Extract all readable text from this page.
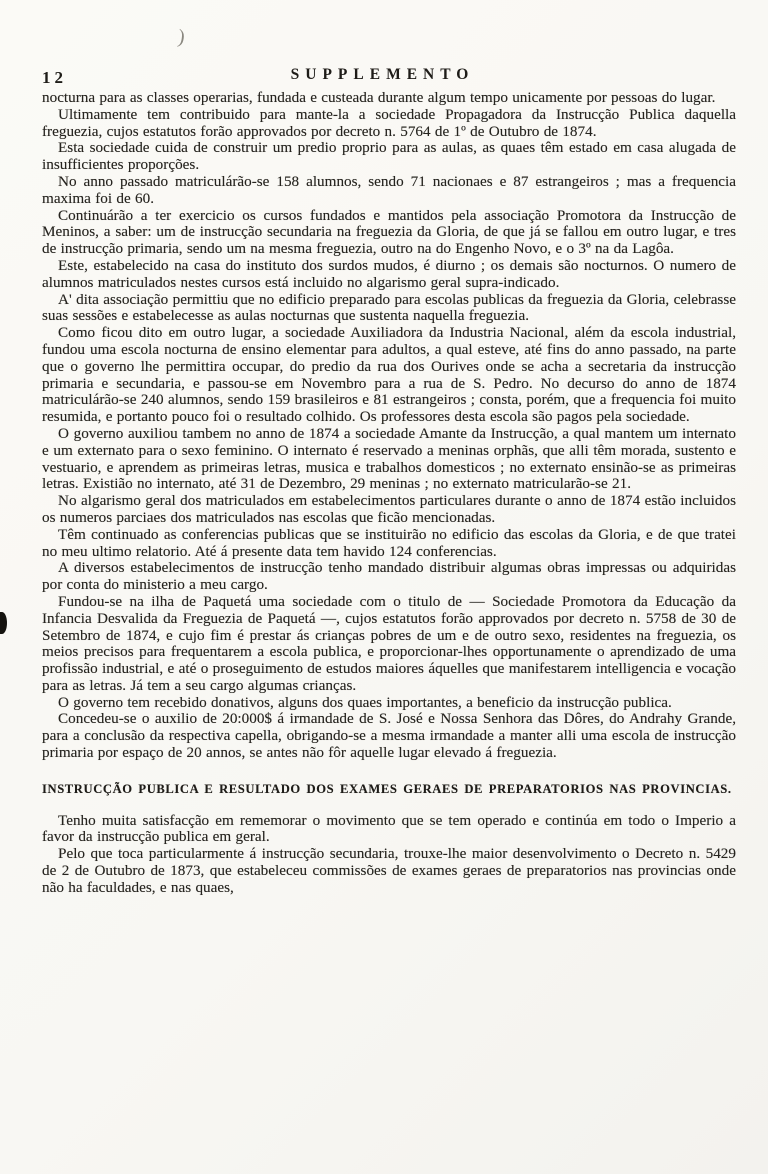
)
12	SUPPLEMENTO

nocturna para as classes operarias, fundada e custeada durante algum tempo unicamente por pessoas do lugar.

Ultimamente tem contribuido para mante-la a sociedade Propagadora da Instrucção Publica daquella freguezia, cujos estatutos forão approvados por decreto n. 5764 de 1º de Outubro de 1874.

Esta sociedade cuida de construir um predio proprio para as aulas, as quaes têm estado em casa alugada de insufficientes proporções.

No anno passado matriculárão-se 158 alumnos, sendo 71 nacionaes e 87 estrangeiros ; mas a frequencia maxima foi de 60.

Continuárão a ter exercicio os cursos fundados e mantidos pela associação Promotora da Instrucção de Meninos, a saber: um de instrucção secundaria na freguezia da Gloria, de que já se fallou em outro lugar, e tres de instrucção primaria, sendo um na mesma freguezia, outro na do Engenho Novo, e o 3º na da Lagôa.

Este, estabelecido na casa do instituto dos surdos mudos, é diurno ; os demais são nocturnos. O numero de alumnos matriculados nestes cursos está incluido no algarismo geral supra-indicado.

A' dita associação permittiu que no edificio preparado para escolas publicas da freguezia da Gloria, celebrasse suas sessões e estabelecesse as aulas nocturnas que sustenta naquella freguezia.

Como ficou dito em outro lugar, a sociedade Auxiliadora da Industria Nacional, além da escola industrial, fundou uma escola nocturna de ensino elementar para adultos, a qual esteve, até fins do anno passado, na parte que o governo lhe permittira occupar, do predio da rua dos Ourives onde se acha a secretaria da instrucção primaria e secundaria, e passou-se em Novembro para a rua de S. Pedro. No decurso do anno de 1874 matriculárão-se 240 alumnos, sendo 159 brasileiros e 81 estrangeiros ; consta, porém, que a frequencia foi muito resumida, e portanto pouco foi o resultado colhido. Os professores desta escola são pagos pela sociedade.

O governo auxiliou tambem no anno de 1874 a sociedade Amante da Instrucção, a qual mantem um internato e um externato para o sexo feminino. O internato é reservado a meninas orphãs, que alli têm morada, sustento e vestuario, e aprendem as primeiras letras, musica e trabalhos domesticos ; no externato ensinão-se as primeiras letras. Existião no internato, até 31 de Dezembro, 29 meninas ; no externato matricularão-se 21.

No algarismo geral dos matriculados em estabelecimentos particulares durante o anno de 1874 estão incluidos os numeros parciaes dos matriculados nas escolas que ficão mencionadas.

Têm continuado as conferencias publicas que se instituirão no edificio das escolas da Gloria, e de que tratei no meu ultimo relatorio. Até á presente data tem havido 124 conferencias.

A diversos estabelecimentos de instrucção tenho mandado distribuir algumas obras impressas ou adquiridas por conta do ministerio a meu cargo.

Fundou-se na ilha de Paquetá uma sociedade com o titulo de — Sociedade Promotora da Educação da Infancia Desvalida da Freguezia de Paquetá —, cujos estatutos forão approvados por decreto n. 5758 de 30 de Setembro de 1874, e cujo fim é prestar ás crianças pobres de um e de outro sexo, residentes na freguezia, os meios precisos para frequentarem a escola publica, e proporcionar-lhes opportunamente o aprendizado de uma profissão industrial, e até o proseguimento de estudos maiores áquelles que manifestarem intelligencia e vocação para as letras. Já tem a seu cargo algumas crianças.

O governo tem recebido donativos, alguns dos quaes importantes, a beneficio da instrucção publica.

Concedeu-se o auxilio de 20:000$ á irmandade de S. José e Nossa Senhora das Dôres, do Andrahy Grande, para a conclusão da respectiva capella, obrigando-se a mesma irmandade a manter alli uma escola de instrucção primaria por espaço de 20 annos, se antes não fôr aquelle lugar elevado á freguezia.

INSTRUCÇÃO PUBLICA E RESULTADO DOS EXAMES GERAES DE PREPARATORIOS NAS PROVINCIAS.

Tenho muita satisfacção em rememorar o movimento que se tem operado e continúa em todo o Imperio a favor da instrucção publica em geral.

Pelo que toca particularmente á instrucção secundaria, trouxe-lhe maior desenvolvimento o Decreto n. 5429 de 2 de Outubro de 1873, que estabeleceu commissões de exames geraes de preparatorios nas provincias onde não ha faculdades, e nas quaes,
